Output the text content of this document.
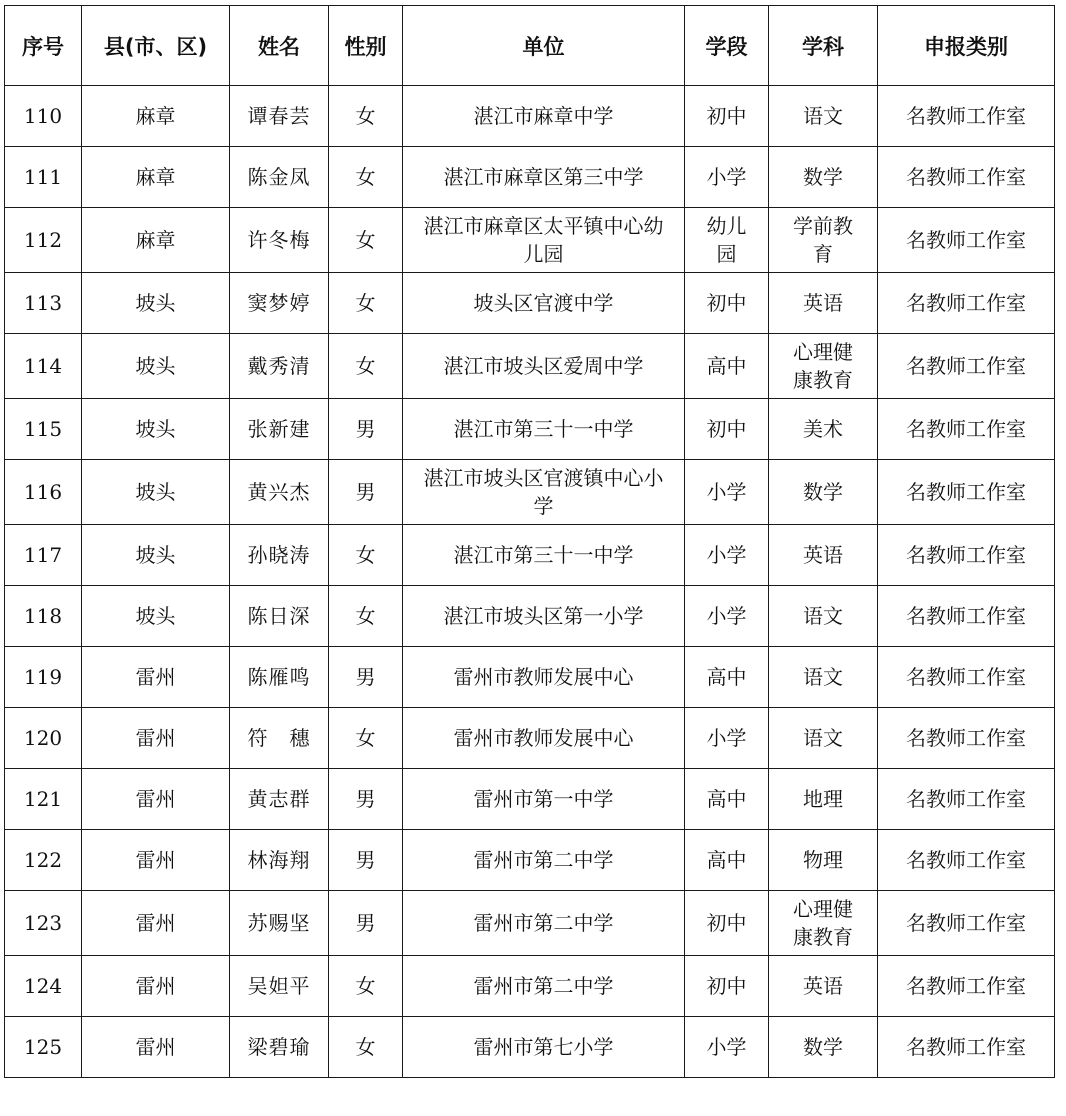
序号	县(市、区)	姓名	性别	单位	学段	学科	申报类别
110	麻章	谭春芸	女	湛江市麻章中学	初中	语文	名教师工作室
111	麻章	陈金凤	女	湛江市麻章区第三中学	小学	数学	名教师工作室
112	麻章	许冬梅	女	湛江市麻章区太平镇中心幼儿园	幼儿园	学前教育	名教师工作室
113	坡头	窦梦婷	女	坡头区官渡中学	初中	英语	名教师工作室
114	坡头	戴秀清	女	湛江市坡头区爱周中学	高中	心理健康教育	名教师工作室
115	坡头	张新建	男	湛江市第三十一中学	初中	美术	名教师工作室
116	坡头	黄兴杰	男	湛江市坡头区官渡镇中心小学	小学	数学	名教师工作室
117	坡头	孙晓涛	女	湛江市第三十一中学	小学	英语	名教师工作室
118	坡头	陈日深	女	湛江市坡头区第一小学	小学	语文	名教师工作室
119	雷州	陈雁鸣	男	雷州市教师发展中心	高中	语文	名教师工作室
120	雷州	符　穗	女	雷州市教师发展中心	小学	语文	名教师工作室
121	雷州	黄志群	男	雷州市第一中学	高中	地理	名教师工作室
122	雷州	林海翔	男	雷州市第二中学	高中	物理	名教师工作室
123	雷州	苏赐坚	男	雷州市第二中学	初中	心理健康教育	名教师工作室
124	雷州	吴妲平	女	雷州市第二中学	初中	英语	名教师工作室
125	雷州	梁碧瑜	女	雷州市第七小学	小学	数学	名教师工作室
